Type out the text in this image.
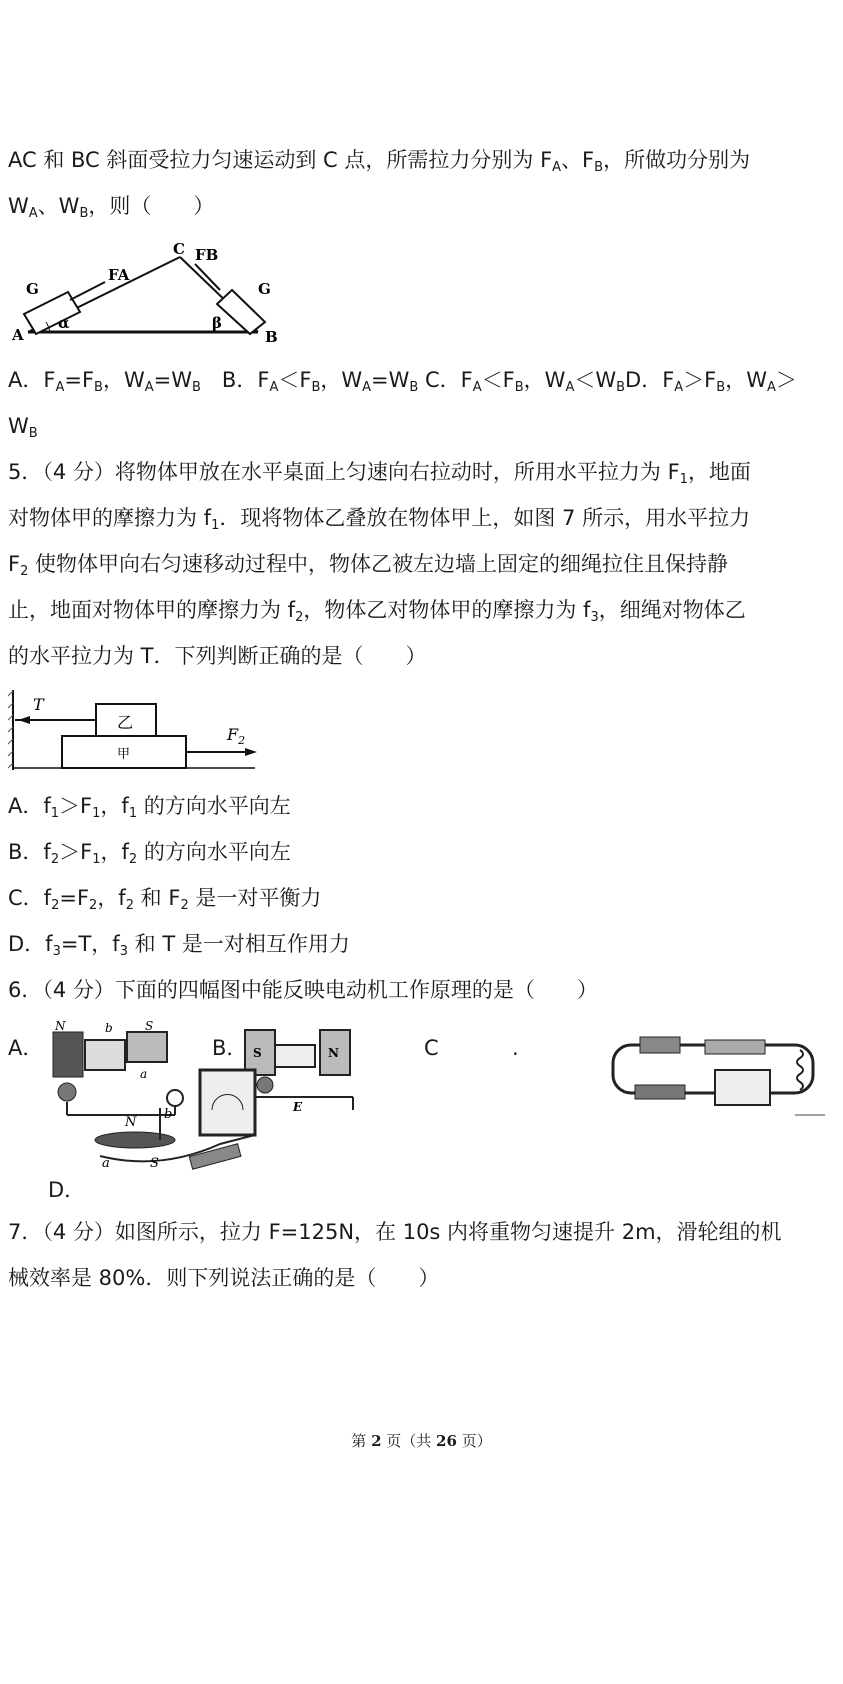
AC 和 BC 斜面受拉力匀速运动到 C 点，所需拉力分别为 $F_A$、$F_B$，所做功分别为
$W_A$、$W_B$，则（　　）
A	B
C
FA
FB
G	G
α	β
A．$F_A=F_B$，$W_A=W_B$　B．$F_A<F_B$，$W_A=W_B$ C．$F_A<F_B$，$W_A<W_BD$．$F_A>F_B$，$W_A>$
$W_B$
5．（4 分）将物体甲放在水平桌面上匀速向右拉动时，所用水平拉力为 $F_1$，地面
对物体甲的摩擦力为 $f_1$．现将物体乙叠放在物体甲上，如图 7 所示，用水平拉力
$F_2$ 使物体甲向右匀速移动过程中，物体乙被左边墙上固定的细绳拉住且保持静
止，地面对物体甲的摩擦力为 $f_2$，物体乙对物体甲的摩擦力为 $f_3$，细绳对物体乙
的水平拉力为 T．下列判断正确的是（　　）
T
乙
甲
$F_2$
A．$f_1>F_1$，$f_1$ 的方向水平向左
B．$f_2>F_1$，$f_2$ 的方向水平向左
C．$f_2=F_2$，$f_2$ 和 $F_2$ 是一对平衡力
D．$f_3=T$，$f_3$ 和 T 是一对相互作用力
6．（4 分）下面的四幅图中能反映电动机工作原理的是（　　）
N	b	S
a
A．	S	N
E
B．	C	.
N
S
a
b
D．
7．（4 分）如图所示，拉力 F=125N，在 10s 内将重物匀速提升 2m，滑轮组的机
械效率是 80%．则下列说法正确的是（　　）
第 2 页（共 26 页）
